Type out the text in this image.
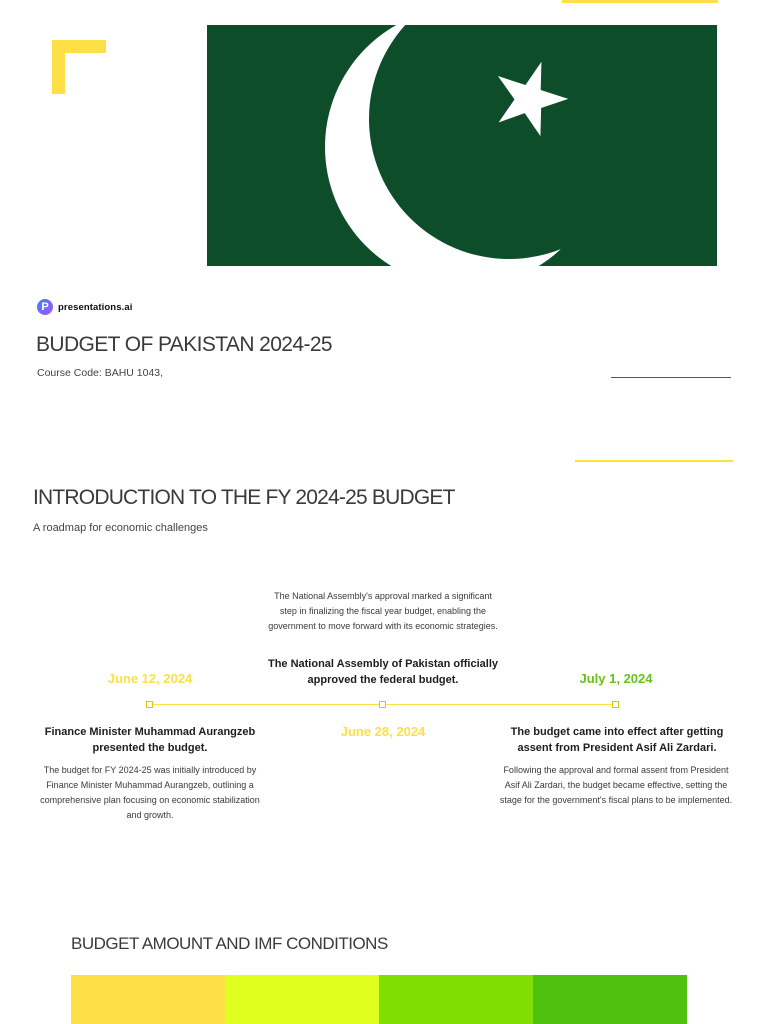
P presentations.ai
BUDGET OF PAKISTAN 2024-25
Course Code: BAHU 1043,
INTRODUCTION TO THE FY 2024-25 BUDGET
A roadmap for economic challenges
The National Assembly's approval marked a significant step in finalizing the fiscal year budget, enabling the government to move forward with its economic strategies.
The National Assembly of Pakistan officially approved the federal budget.
June 12, 2024	July 1, 2024
Finance Minister Muhammad Aurangzeb presented the budget.
June 28, 2024	The budget came into effect after getting assent from President Asif Ali Zardari.
The budget for FY 2024-25 was initially introduced by Finance Minister Muhammad Aurangzeb, outlining a comprehensive plan focusing on economic stabilization and growth.
Following the approval and formal assent from President Asif Ali Zardari, the budget became effective, setting the stage for the government's fiscal plans to be implemented.
BUDGET AMOUNT AND IMF CONDITIONS
